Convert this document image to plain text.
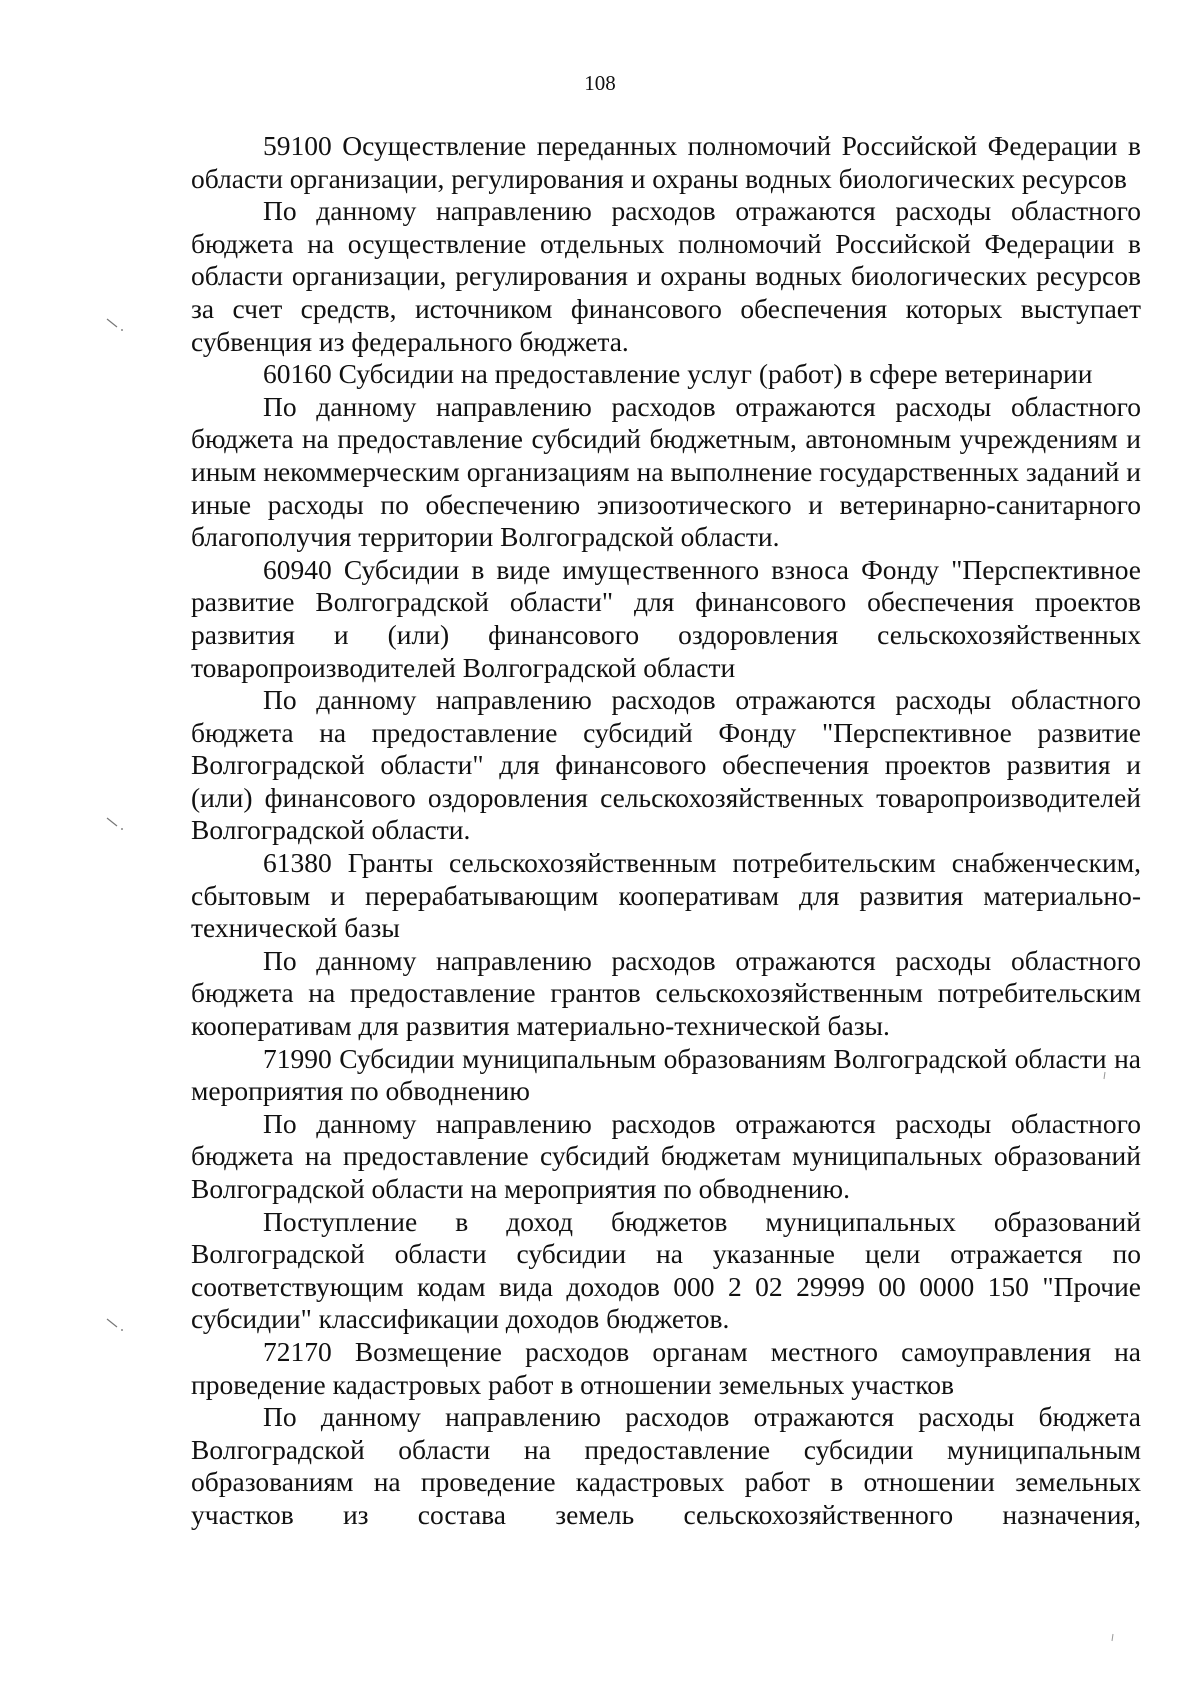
108

59100 Осуществление переданных полномочий Российской Федерации в области организации, регулирования и охраны водных биологических ресурсов

По данному направлению расходов отражаются расходы областного бюджета на осуществление отдельных полномочий Российской Федерации в области организации, регулирования и охраны водных биологических ресурсов за счет средств, источником финансового обеспечения которых выступает субвенция из федерального бюджета.

60160 Субсидии на предоставление услуг (работ) в сфере ветеринарии

По данному направлению расходов отражаются расходы областного бюджета на предоставление субсидий бюджетным, автономным учреждениям и иным некоммерческим организациям на выполнение государственных заданий и иные расходы по обеспечению эпизоотического и ветеринарно-санитарного благополучия территории Волгоградской области.

60940 Субсидии в виде имущественного взноса Фонду "Перспективное развитие Волгоградской области" для финансового обеспечения проектов развития и (или) финансового оздоровления сельскохозяйственных товаропроизводителей Волгоградской области

По данному направлению расходов отражаются расходы областного бюджета на предоставление субсидий Фонду "Перспективное развитие Волгоградской области" для финансового обеспечения проектов развития и (или) финансового оздоровления сельскохозяйственных товаропроизводителей Волгоградской области.

61380 Гранты сельскохозяйственным потребительским снабженческим, сбытовым и перерабатывающим кооперативам для развития материально-технической базы

По данному направлению расходов отражаются расходы областного бюджета на предоставление грантов сельскохозяйственным потребительским кооперативам для развития материально-технической базы.

71990 Субсидии муниципальным образованиям Волгоградской области на мероприятия по обводнению

По данному направлению расходов отражаются расходы областного бюджета на предоставление субсидий бюджетам муниципальных образований Волгоградской области на мероприятия по обводнению.

Поступление в доход бюджетов муниципальных образований Волгоградской области субсидии на указанные цели отражается по соответствующим кодам вида доходов 000 2 02 29999 00 0000 150 "Прочие субсидии" классификации доходов бюджетов.

72170 Возмещение расходов органам местного самоуправления на проведение кадастровых работ в отношении земельных участков

По данному направлению расходов отражаются расходы бюджета Волгоградской области на предоставление субсидии муниципальным образованиям на проведение кадастровых работ в отношении земельных участков из состава земель сельскохозяйственного назначения,
